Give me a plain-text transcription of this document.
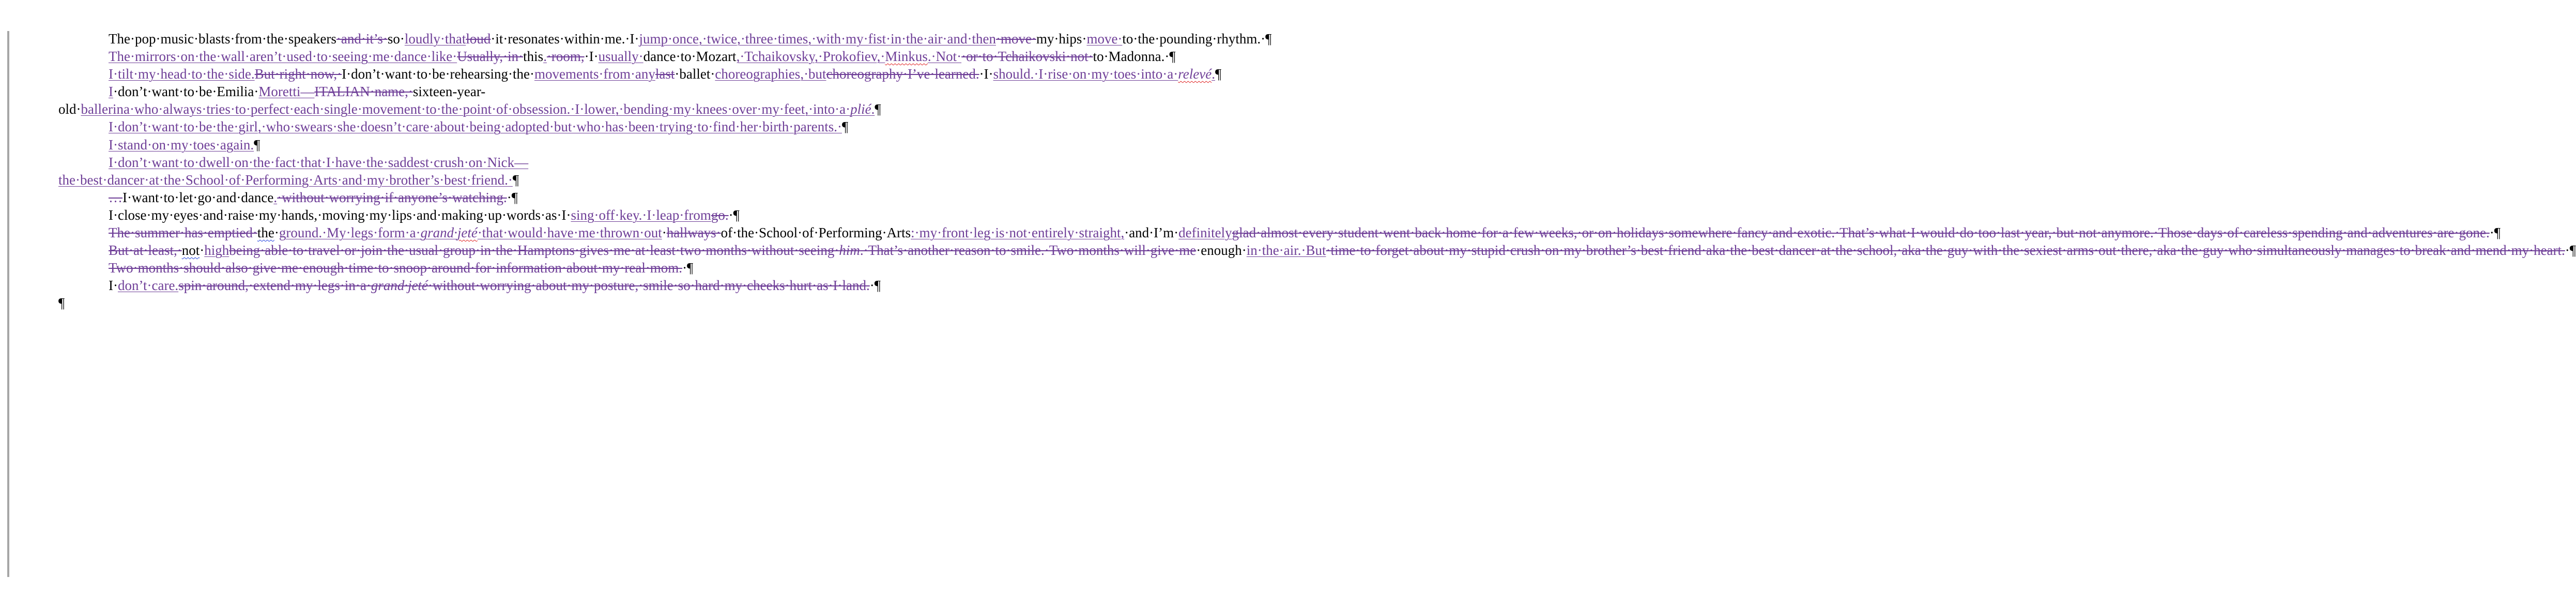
The·pop·music·blasts·from·the·speakers·and·it’s·so·loudly·thatloud·it·resonates·within·me.·I·jump·once,·twice,·three·times,·with·my·fist·in·the·air·and·then·move·my·hips·move·to·the·pounding·rhythm.·¶

The·mirrors·on·the·wall·aren’t·used·to·seeing·me·dance·like·Usually,·in·this.·room,·I·usually·dance·to·Mozart,·Tchaikovsky,·Prokofiev,·Minkus.·Not··or·to·Tchaikovski·not·to·Madonna.·¶

I·tilt·my·head·to·the·side.But·right·now,·I·don’t·want·to·be·rehearsing·the·movements·from·anylast·ballet·choreographies,·butchoreography·I’ve·learned.·I·should.·I·rise·on·my·toes·into·a·relevé.¶

I·don’t·want·to·be·Emilia·Moretti—ITALIAN·name,·sixteen-year-old·ballerina·who·always·tries·to·perfect·each·single·movement·to·the·point·of·obsession.·I·lower,·bending·my·knees·over·my·feet,·into·a·plié.¶

I·don’t·want·to·be·the·girl,·who·swears·she·doesn’t·care·about·being·adopted·but·who·has·been·trying·to·find·her·birth·parents.·¶

I·stand·on·my·toes·again.¶

I·don’t·want·to·dwell·on·the·fact·that·I·have·the·saddest·crush·on·Nick—the·best·dancer·at·the·School·of·Performing·Arts·and·my·brother’s·best·friend.·¶

…I·want·to·let·go·and·dance.·without·worrying·if·anyone’s·watching.·¶

I·close·my·eyes·and·raise·my·hands,·moving·my·lips·and·making·up·words·as·I·sing·off·key.·I·leap·fromgo.·¶

The·summer·has·emptied·the·ground.·My·legs·form·a·grand·jeté·that·would·have·me·thrown·out·hallways·of·the·School·of·Performing·Arts:·my·front·leg·is·not·entirely·straight,·and·I’m·definitelyglad·almost·every·student·went·back·home·for·a·few·weeks,·or·on·holidays·somewhere·fancy·and·exotic.·That’s·what·I·would·do·too·last·year,·but·not·anymore.·Those·days·of·careless·spending·and·adventures·are·gone.·¶

But·at·least,·not·highbeing·able·to·travel·or·join·the·usual·group·in·the·Hamptons·gives·me·at·least·two·months·without·seeing·him.·That’s·another·reason·to·smile.·Two·months·will·give·me·enough·in·the·air.·But·time·to·forget·about·my·stupid·crush·on·my·brother’s·best·friend·aka·the·best·dancer·at·the·school,·aka·the·guy·with·the·sexiest·arms·out·there,·aka·the·guy·who·simultaneously·manages·to·break·and·mend·my·heart.·¶

Two·months·should·also·give·me·enough·time·to·snoop·around·for·information·about·my·real·mom.·¶

I·don’t·care.spin·around,·extend·my·legs·in·a·grand·jeté·without·worrying·about·my·posture,·smile·so·hard·my·cheeks·hurt·as·I·land.·¶

¶
